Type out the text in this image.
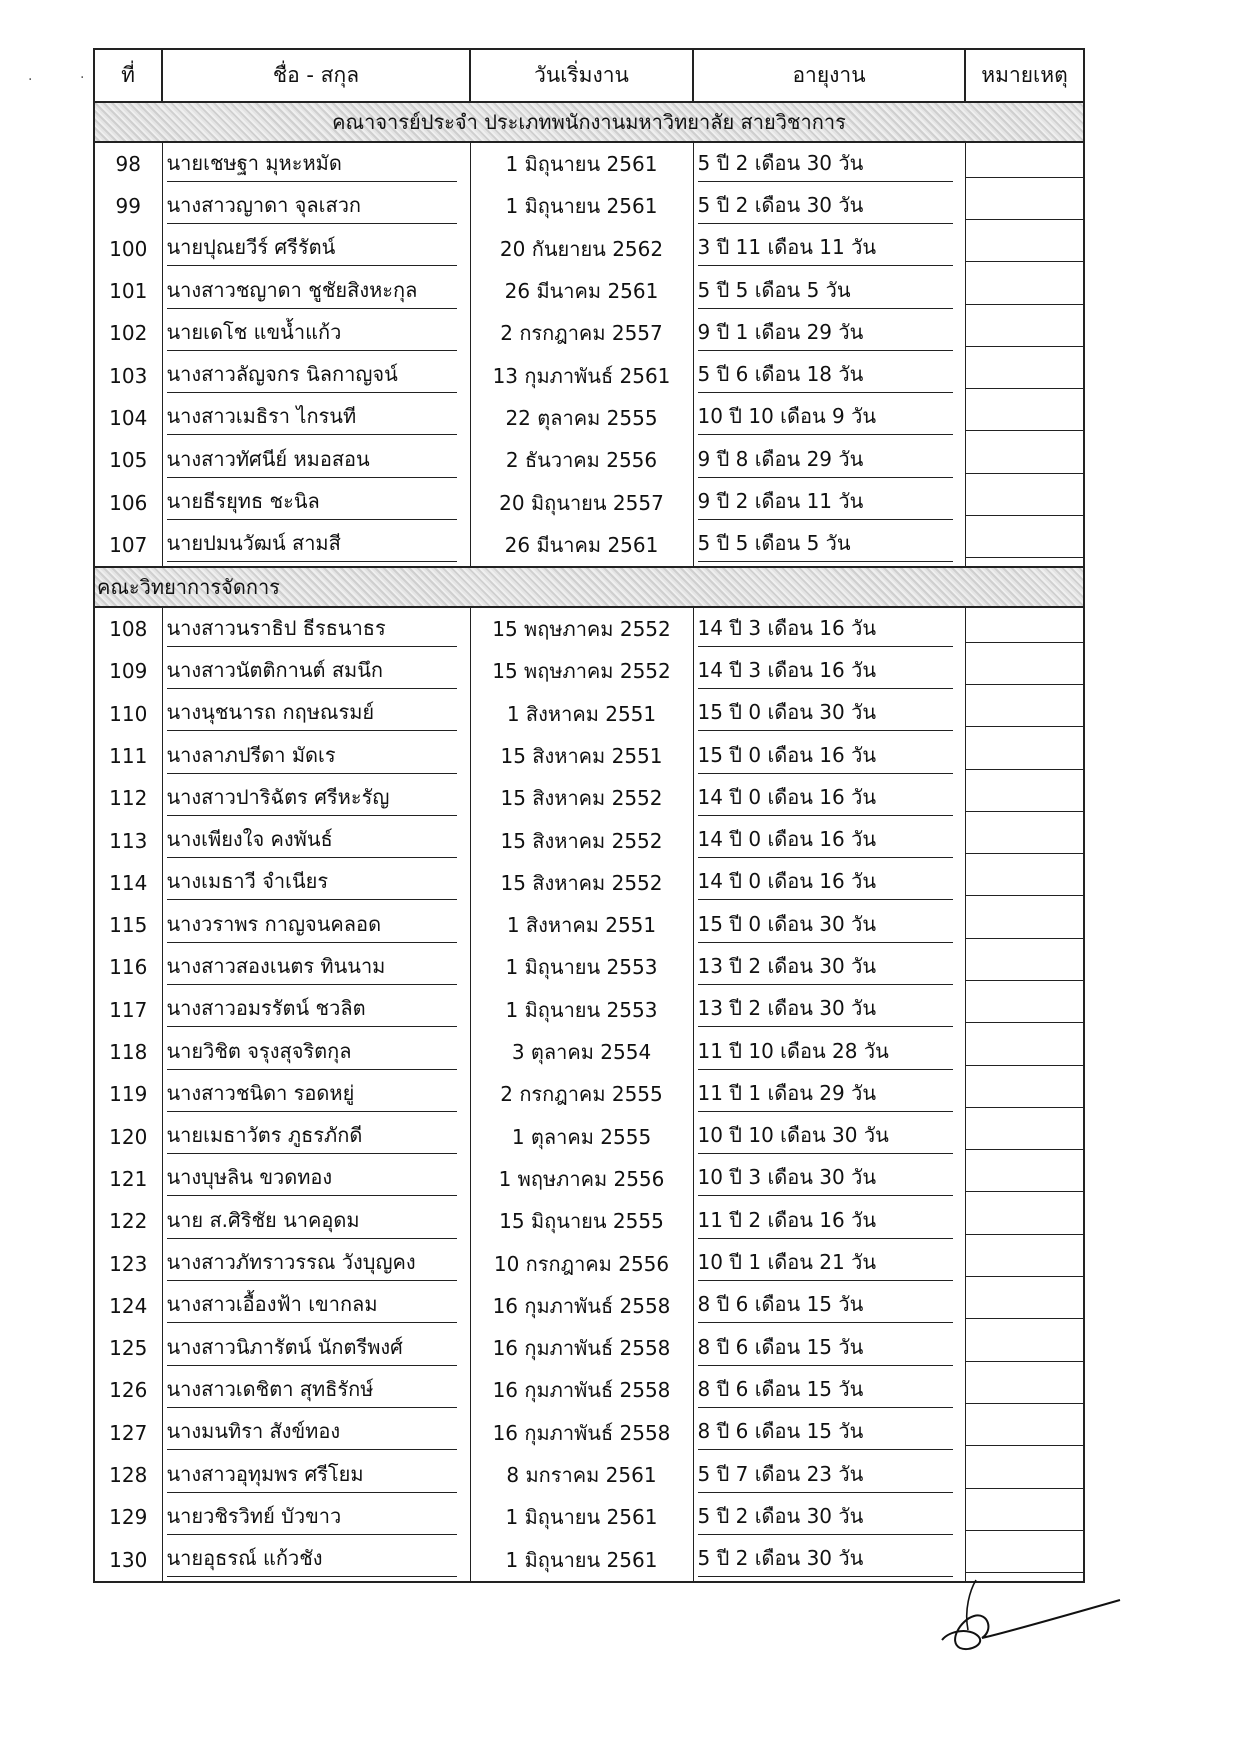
ที่	ชื่อ - สกุล	วันเริ่มงาน	อายุงาน	หมายเหตุ
คณาจารย์ประจำ ประเภทพนักงานมหาวิทยาลัย สายวิชาการ				
98	นายเชษฐา มุหะหมัด	1 มิถุนายน 2561	5 ปี 2 เดือน 30 วัน	
99	นางสาวญาดา จุลเสวก	1 มิถุนายน 2561	5 ปี 2 เดือน 30 วัน	
100	นายปุณยวีร์ ศรีรัตน์	20 กันยายน 2562	3 ปี 11 เดือน 11 วัน	
101	นางสาวชญาดา ชูชัยสิงหะกุล	26 มีนาคม 2561	5 ปี 5 เดือน 5 วัน	
102	นายเดโช แขน้ำแก้ว	2 กรกฎาคม 2557	9 ปี 1 เดือน 29 วัน	
103	นางสาวลัญจกร นิลกาญจน์	13 กุมภาพันธ์ 2561	5 ปี 6 เดือน 18 วัน	
104	นางสาวเมธิรา ไกรนที	22 ตุลาคม 2555	10 ปี 10 เดือน 9 วัน	
105	นางสาวทัศนีย์ หมอสอน	2 ธันวาคม 2556	9 ปี 8 เดือน 29 วัน	
106	นายธีรยุทธ ชะนิล	20 มิถุนายน 2557	9 ปี 2 เดือน 11 วัน	
107	นายปมนวัฒน์ สามสี	26 มีนาคม 2561	5 ปี 5 เดือน 5 วัน	
คณะวิทยาการจัดการ				
108	นางสาวนราธิป ธีรธนาธร	15 พฤษภาคม 2552	14 ปี 3 เดือน 16 วัน	
109	นางสาวนัตติกานต์ สมนึก	15 พฤษภาคม 2552	14 ปี 3 เดือน 16 วัน	
110	นางนุชนารถ กฤษณรมย์	1 สิงหาคม 2551	15 ปี 0 เดือน 30 วัน	
111	นางลาภปรีดา มัดเร	15 สิงหาคม 2551	15 ปี 0 เดือน 16 วัน	
112	นางสาวปาริฉัตร ศรีหะรัญ	15 สิงหาคม 2552	14 ปี 0 เดือน 16 วัน	
113	นางเพียงใจ คงพันธ์	15 สิงหาคม 2552	14 ปี 0 เดือน 16 วัน	
114	นางเมธาวี จำเนียร	15 สิงหาคม 2552	14 ปี 0 เดือน 16 วัน	
115	นางวราพร กาญจนคลอด	1 สิงหาคม 2551	15 ปี 0 เดือน 30 วัน	
116	นางสาวสองเนตร ทินนาม	1 มิถุนายน 2553	13 ปี 2 เดือน 30 วัน	
117	นางสาวอมรรัตน์ ชวลิต	1 มิถุนายน 2553	13 ปี 2 เดือน 30 วัน	
118	นายวิชิต จรุงสุจริตกุล	3 ตุลาคม 2554	11 ปี 10 เดือน 28 วัน	
119	นางสาวชนิดา รอดหยู่	2 กรกฎาคม 2555	11 ปี 1 เดือน 29 วัน	
120	นายเมธาวัตร ภูธรภักดี	1 ตุลาคม 2555	10 ปี 10 เดือน 30 วัน	
121	นางบุษลิน ขวดทอง	1 พฤษภาคม 2556	10 ปี 3 เดือน 30 วัน	
122	นาย ส.ศิริชัย นาคอุดม	15 มิถุนายน 2555	11 ปี 2 เดือน 16 วัน	
123	นางสาวภัทราวรรณ วังบุญคง	10 กรกฎาคม 2556	10 ปี 1 เดือน 21 วัน	
124	นางสาวเอื้องฟ้า เขากลม	16 กุมภาพันธ์ 2558	8 ปี 6 เดือน 15 วัน	
125	นางสาวนิภารัตน์ นักตรีพงศ์	16 กุมภาพันธ์ 2558	8 ปี 6 เดือน 15 วัน	
126	นางสาวเดชิตา สุทธิรักษ์	16 กุมภาพันธ์ 2558	8 ปี 6 เดือน 15 วัน	
127	นางมนทิรา สังข์ทอง	16 กุมภาพันธ์ 2558	8 ปี 6 เดือน 15 วัน	
128	นางสาวอุทุมพร ศรีโยม	8 มกราคม 2561	5 ปี 7 เดือน 23 วัน	
129	นายวชิรวิทย์ บัวขาว	1 มิถุนายน 2561	5 ปี 2 เดือน 30 วัน	
130	นายอุธรณ์ แก้วชัง	1 มิถุนายน 2561	5 ปี 2 เดือน 30 วัน	
·	·
